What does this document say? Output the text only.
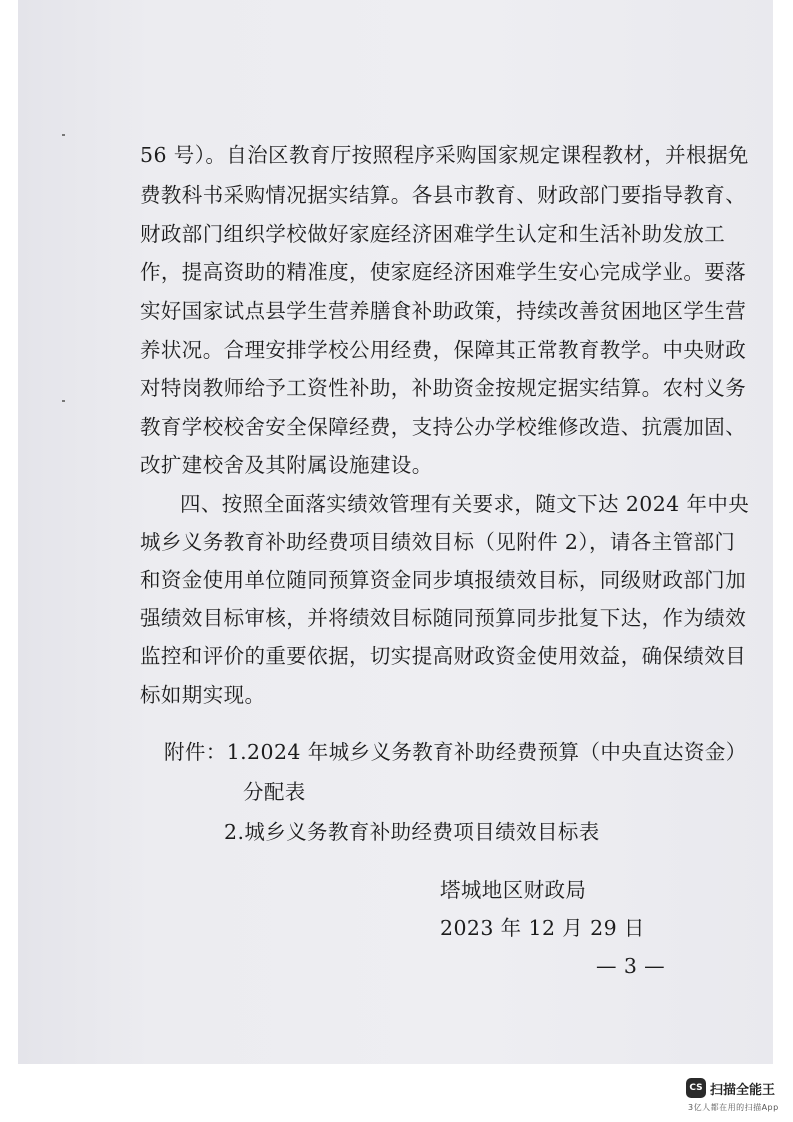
56 号）。自治区教育厅按照程序采购国家规定课程教材，并根据免

费教科书采购情况据实结算。各县市教育、财政部门要指导教育、

财政部门组织学校做好家庭经济困难学生认定和生活补助发放工

作，提高资助的精准度，使家庭经济困难学生安心完成学业。要落

实好国家试点县学生营养膳食补助政策，持续改善贫困地区学生营

养状况。合理安排学校公用经费，保障其正常教育教学。中央财政

对特岗教师给予工资性补助，补助资金按规定据实结算。农村义务

教育学校校舍安全保障经费，支持公办学校维修改造、抗震加固、

改扩建校舍及其附属设施建设。

四、按照全面落实绩效管理有关要求，随文下达 2024 年中央

城乡义务教育补助经费项目绩效目标（见附件 2），请各主管部门

和资金使用单位随同预算资金同步填报绩效目标，同级财政部门加

强绩效目标审核，并将绩效目标随同预算同步批复下达，作为绩效

监控和评价的重要依据，切实提高财政资金使用效益，确保绩效目

标如期实现。

附件：1.2024 年城乡义务教育补助经费预算（中央直达资金）

分配表

2.城乡义务教育补助经费项目绩效目标表

塔城地区财政局

2023 年 12 月 29 日

— 3 —

CS 扫描全能王
3亿人都在用的扫描App
